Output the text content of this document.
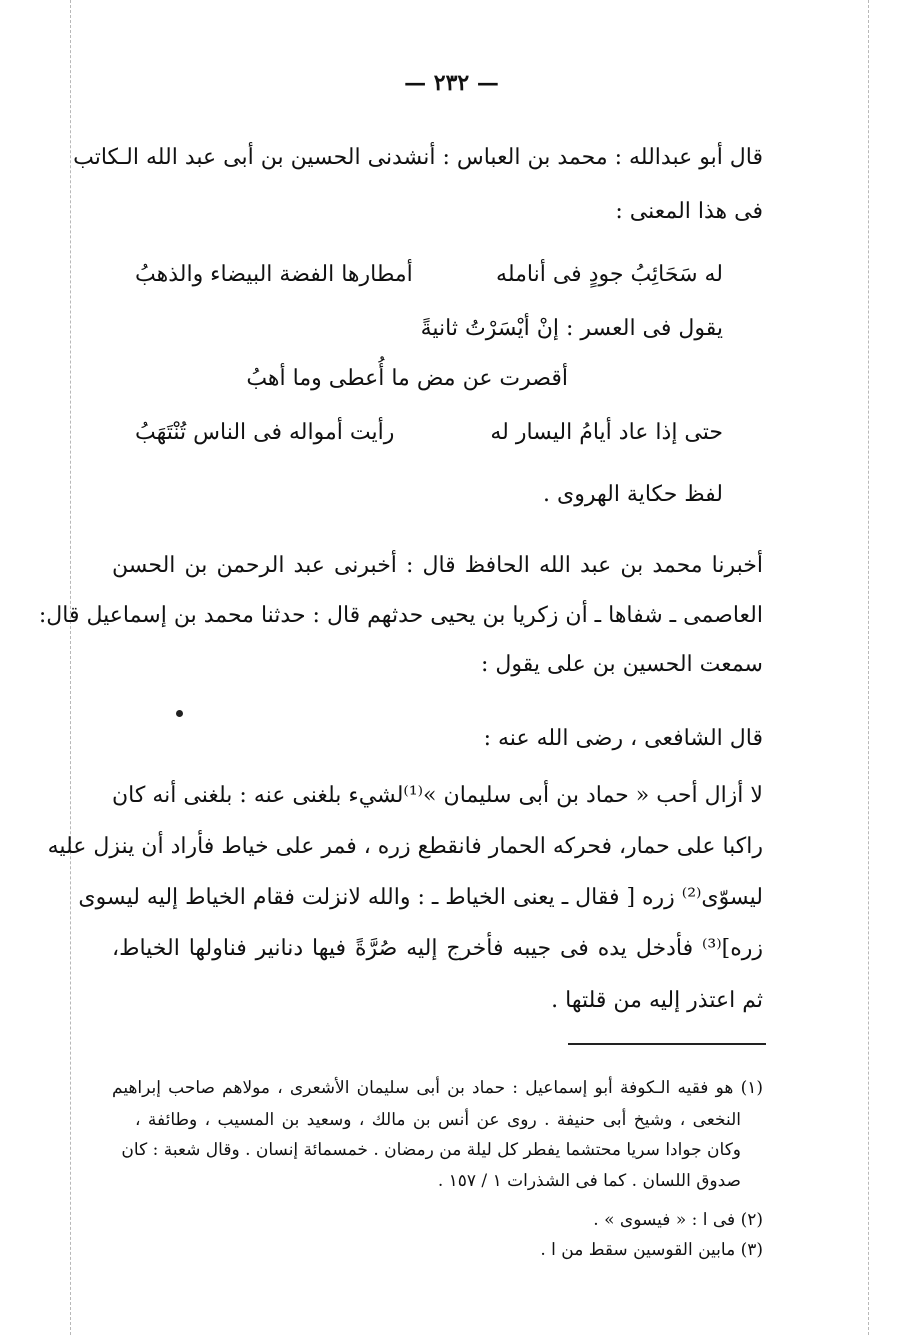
— ٢٣٢ —
قال أبو عبدالله : محمد بن العباس : أنشدنى الحسين بن أبى عبد الله الـكاتب
فى هذا المعنى :
له سَحَائِبُ جودٍ فى أنامله
أمطارها الفضة البيضاء والذهبُ
يقول فى العسر : إنْ أيْسَرْتُ ثانيةً
أقصرت عن مض ما أُعطى وما أهبُ
حتى إذا عاد أيامُ اليسار له
رأيت أمواله فى الناس تُنْتَهَبُ
لفظ حكاية الهروى .
أخبرنا محمد بن عبد الله الحافظ قال : أخبرنى عبد الرحمن بن الحسن
العاصمى ـ شفاها ـ أن زكريا بن يحيى حدثهم قال : حدثنا محمد بن إسماعيل قال:
سمعت الحسين بن على يقول :
قال الشافعى ، رضى الله عنه :
لا أزال أحب « حماد بن أبى سليمان »⁽¹⁾لشيء بلغنى عنه : بلغنى أنه كان
راكبا على حمار، فحركه الحمار فانقطع زره ، فمر على خياط فأراد أن ينزل عليه
ليسوّى⁽²⁾ زره [ فقال ـ يعنى الخياط ـ : والله لانزلت فقام الخياط إليه ليسوى
زره]⁽³⁾ فأدخل يده فى جيبه فأخرج إليه صُرَّةً فيها دنانير فناولها الخياط،
ثم اعتذر إليه من قلتها .
(١) هو فقيه الـكوفة أبو إسماعيل : حماد بن أبى سليمان الأشعرى ، مولاهم صاحب إبراهيم
النخعى ، وشيخ أبى حنيفة . روى عن أنس بن مالك ، وسعيد بن المسيب ، وطائفة ،
وكان جوادا سريا محتشما يفطر كل ليلة من رمضان . خمسمائة إنسان . وقال شعبة : كان
صدوق اللسان . كما فى الشذرات ١ / ١٥٧ .
(٢) فى ا : « فيسوى » .
(٣) مابين القوسين سقط من ا .
